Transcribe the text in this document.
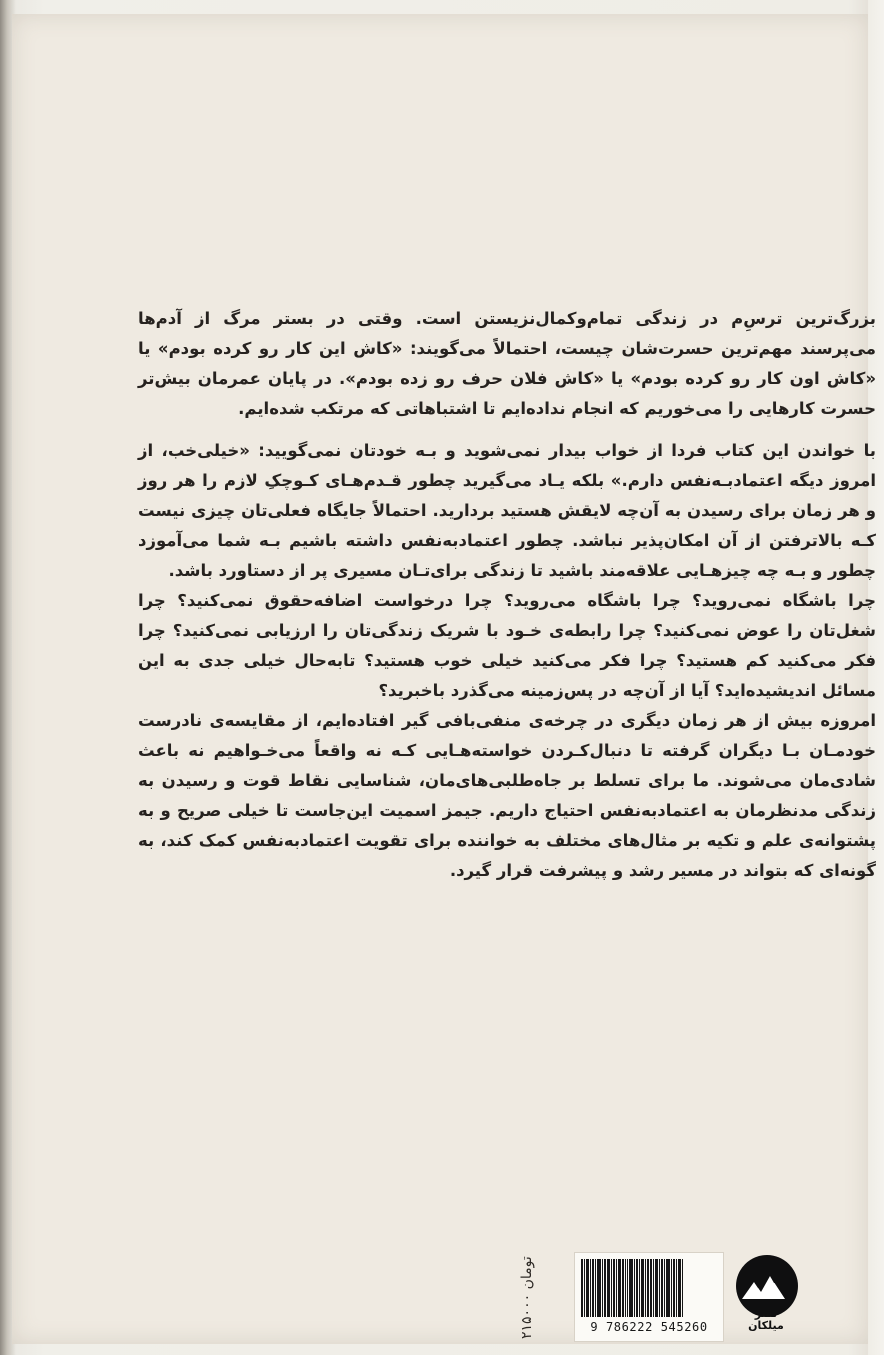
بزرگ‌ترین ترس‌ِم در زندگی تمام‌وکمال‌نزیستن است. وقتی در بستر مرگ از آدم‌ها می‌پرسند مهم‌ترین حسرت‌شان چیست، احتمالاً می‌گویند: «کاش این کار رو کرده بودم» یا «کاش اون کار رو کرده بودم» یا «کاش فلان حرف رو زده بودم». در پایان عمرمان بیش‌تر حسرت کارهایی را می‌خوریم که انجام نداده‌ایم تا اشتباهاتی که مرتکب شده‌ایم.

با خواندن این کتاب فردا از خواب بیدار نمی‌شوید و بـه خودتان نمی‌گویید: «خیلی‌خب، از امروز دیگه اعتمادبـه‌نفس دارم.» بلکه یـاد می‌گیرید چطور قـدم‌هـای کـوچکِ لازم را هر روز و هر زمان برای رسیدن به آن‌چه لایقش هستید بردارید. احتمالاً جایگاه فعلی‌تان چیزی نیست کـه بالاترفتن از آن امکان‌پذیر نباشد. چطور اعتمادبه‌نفس داشته باشیم بـه شما می‌آموزد چطور و بـه چه چیزهـایی علاقه‌مند باشید تا زندگی برای‌تـان مسیری پر از دستاورد باشد.

چرا باشگاه نمی‌روید؟ چرا باشگاه می‌روید؟ چرا درخواست اضافه‌حقوق نمی‌کنید؟ چرا شغل‌تان را عوض نمی‌کنید؟ چرا رابطه‌ی خـود با شریک زندگی‌تان را ارزیابی نمی‌کنید؟ چرا فکر می‌کنید کم هستید؟ چرا فکر می‌کنید خیلی خوب هستید؟ تابه‌حال خیلی جدی به این مسائل اندیشیده‌اید؟ آیا از آن‌چه در پس‌زمینه می‌گذرد باخبرید؟

امروزه بیش از هر زمان دیگری در چرخه‌ی منفی‌بافی گیر افتاده‌ایم، از مقایسه‌ی نادرست خودمـان بـا دیگران گرفته تا دنبال‌کـردن خواسته‌هـایی کـه نه واقعاً می‌خـواهیم نه باعث شادی‌مان می‌شوند. ما برای تسلط بر جاه‌طلبی‌های‌مان، شناسایی نقاط قوت و رسیدن به زندگی مدنظرمان به اعتمادبه‌نفس احتیاج داریم. جیمز اسمیت این‌جاست تا خیلی صریح و به پشتوانه‌ی علم و تکیه بر مثال‌های مختلف به خواننده برای تقویت اعتمادبه‌نفس کمک کند، به گونه‌ای که بتواند در مسیر رشد و پیشرفت قرار گیرد.

۲۱۵۰۰۰ تومان
9 786222 545260
نشر میلکان
